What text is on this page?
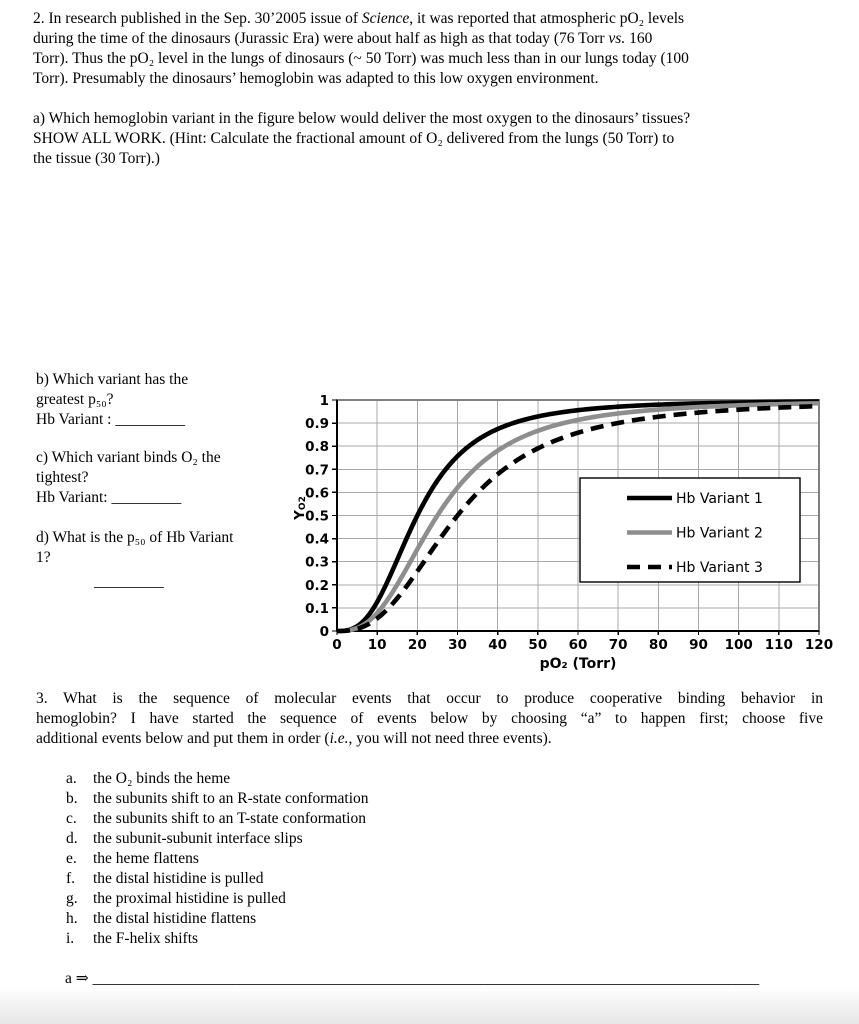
2. In research published in the Sep. 30’2005 issue of Science, it was reported that atmospheric pO₂ levels
during the time of the dinosaurs (Jurassic Era) were about half as high as that today (76 Torr vs. 160
Torr). Thus the pO₂ level in the lungs of dinosaurs (~ 50 Torr) was much less than in our lungs today (100
Torr). Presumably the dinosaurs’ hemoglobin was adapted to this low oxygen environment.
a) Which hemoglobin variant in the figure below would deliver the most oxygen to the dinosaurs’ tissues?
SHOW ALL WORK. (Hint: Calculate the fractional amount of O₂ delivered from the lungs (50 Torr) to
the tissue (30 Torr).)
b) Which variant has the
greatest p₅₀?
Hb Variant : _________
c) Which variant binds O₂ the
tightest?
Hb Variant: _________
d) What is the p₅₀ of Hb Variant
1?
_________
0 10 20 30 40 50 60 70 80 90 100 110 120
0
0.1
0.2
0.3
0.4
0.5
0.6
0.7
0.8
0.9
1
Hb Variant 1
Hb Variant 2
Hb Variant 3
pO₂ (Torr)
Y
O2
3. What is the sequence of molecular events that occur to produce cooperative binding behavior in
hemoglobin? I have started the sequence of events below by choosing “a” to happen first; choose five
additional events below and put them in order (i.e., you will not need three events).
a.	the O₂ binds the heme
b. the subunits shift to an R-state conformation
c.	the subunits shift to an T-state conformation
d. the subunit-subunit interface slips
e.	the heme flattens
f.	the distal histidine is pulled
g. the proximal histidine is pulled
h. the distal histidine flattens
i.	the F-helix shifts
a ⇒ ______________________________________________________________________________________
